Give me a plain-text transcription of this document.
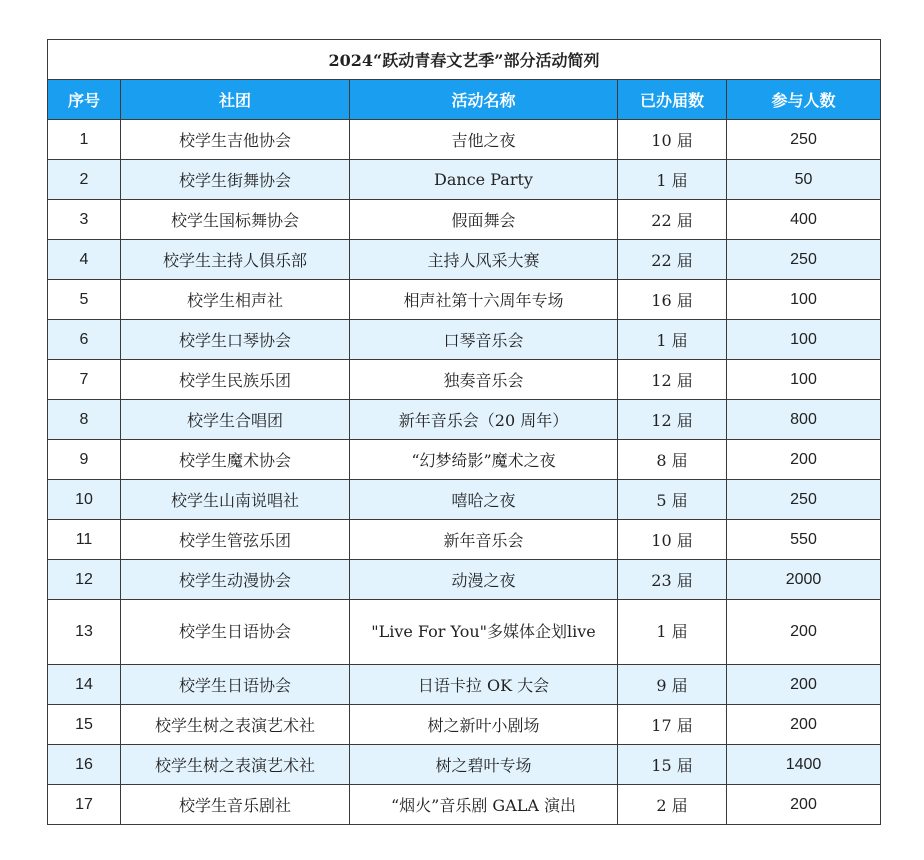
2024“跃动青春文艺季”部分活动简列				
序号	社团	活动名称	已办届数	参与人数
1	校学生吉他协会	吉他之夜	10 届	250
2	校学生街舞协会	Dance Party	1 届	50
3	校学生国标舞协会	假面舞会	22 届	400
4	校学生主持人俱乐部	主持人风采大赛	22 届	250
5	校学生相声社	相声社第十六周年专场	16 届	100
6	校学生口琴协会	口琴音乐会	1 届	100
7	校学生民族乐团	独奏音乐会	12 届	100
8	校学生合唱团	新年音乐会（20 周年）	12 届	800
9	校学生魔术协会	“幻梦绮影”魔术之夜	8 届	200
10	校学生山南说唱社	嘻哈之夜	5 届	250
11	校学生管弦乐团	新年音乐会	10 届	550
12	校学生动漫协会	动漫之夜	23 届	2000
13	校学生日语协会	"Live For You"多媒体企划live	1 届	200
14	校学生日语协会	日语卡拉 OK 大会	9 届	200
15	校学生树之表演艺术社	树之新叶小剧场	17 届	200
16	校学生树之表演艺术社	树之碧叶专场	15 届	1400
17	校学生音乐剧社	“烟火”音乐剧 GALA 演出	2 届	200
